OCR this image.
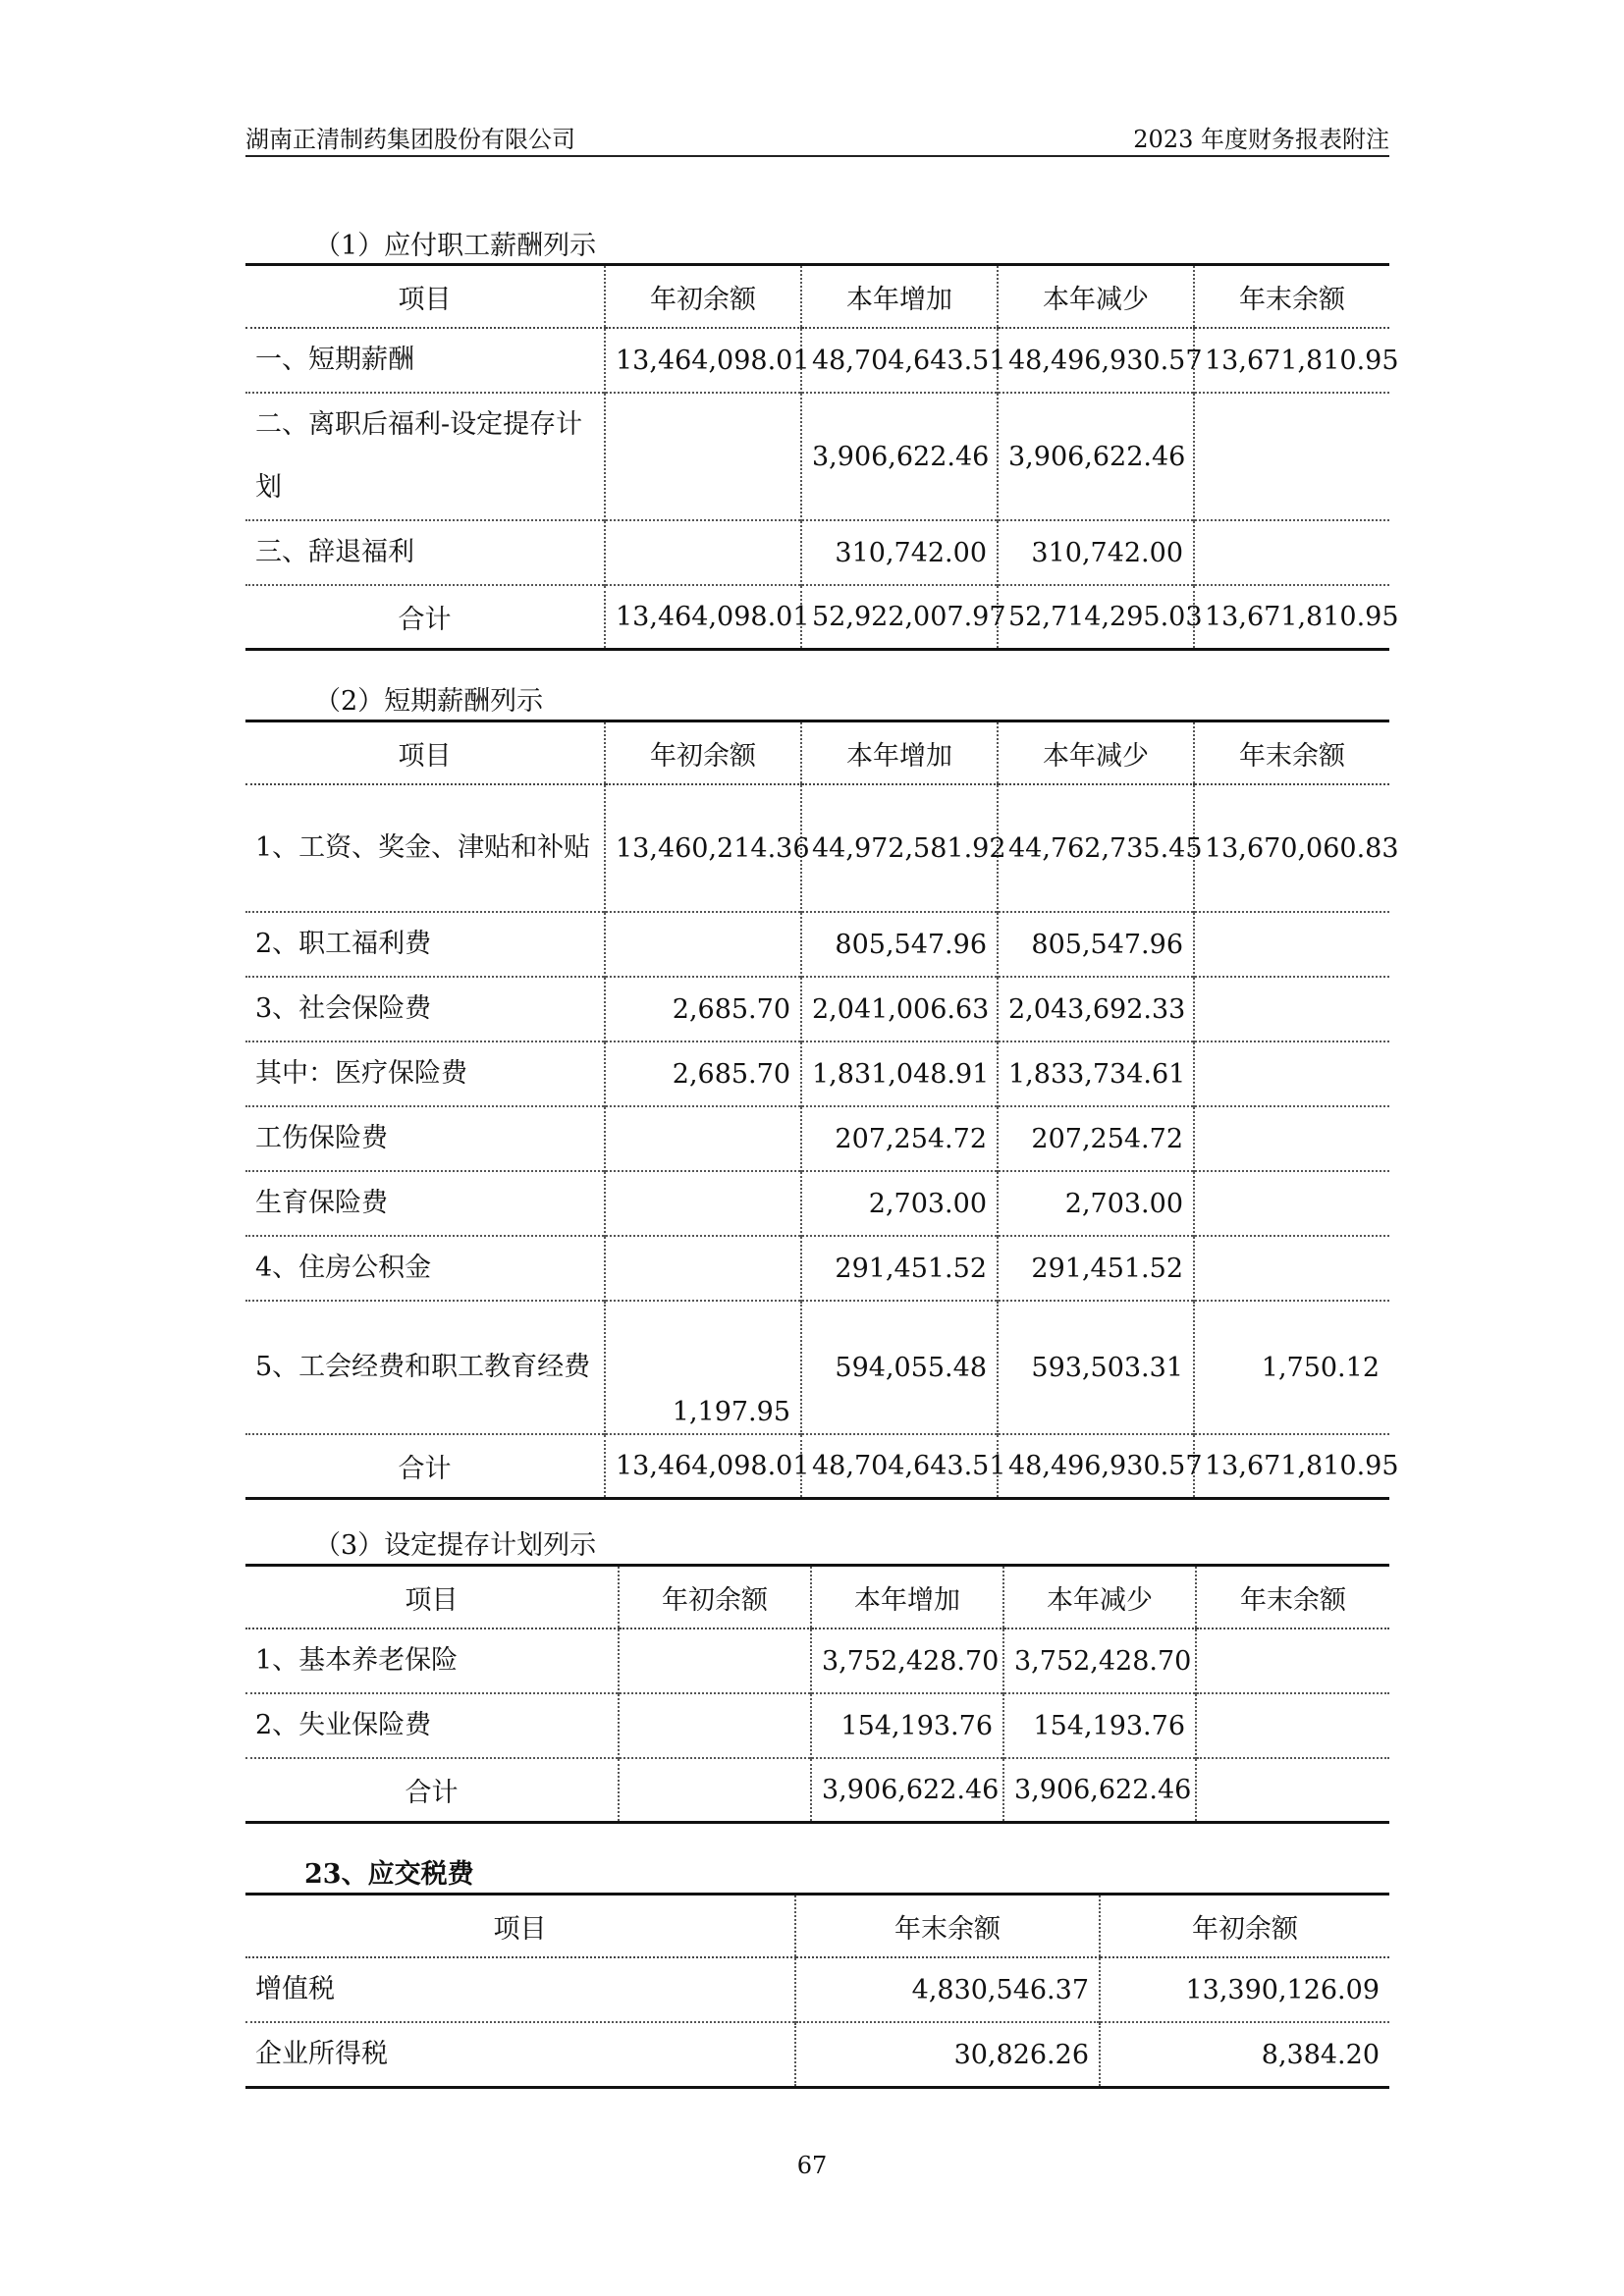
湖南正清制药集团股份有限公司	2023 年度财务报表附注
（1）应付职工薪酬列示
项目	年初余额	本年增加	本年减少	年末余额
一、短期薪酬	13,464,098.01	48,704,643.51	48,496,930.57	13,671,810.95
二、离职后福利-设定提存计划		3,906,622.46	3,906,622.46	
三、辞退福利		310,742.00	310,742.00	
合计	13,464,098.01	52,922,007.97	52,714,295.03	13,671,810.95
（2）短期薪酬列示
项目	年初余额	本年增加	本年减少	年末余额
1、工资、奖金、津贴和补贴	13,460,214.36	44,972,581.92	44,762,735.45	13,670,060.83
2、职工福利费		805,547.96	805,547.96	
3、社会保险费	2,685.70	2,041,006.63	2,043,692.33	
其中：医疗保险费	2,685.70	1,831,048.91	1,833,734.61	
工伤保险费		207,254.72	207,254.72	
生育保险费		2,703.00	2,703.00	
4、住房公积金		291,451.52	291,451.52	
5、工会经费和职工教育经费	1,197.95	594,055.48	593,503.31	1,750.12
合计	13,464,098.01	48,704,643.51	48,496,930.57	13,671,810.95
（3）设定提存计划列示
项目	年初余额	本年增加	本年减少	年末余额
1、基本养老保险		3,752,428.70	3,752,428.70	
2、失业保险费		154,193.76	154,193.76	
合计		3,906,622.46	3,906,622.46	
23、应交税费
项目	年末余额	年初余额
增值税	4,830,546.37	13,390,126.09
企业所得税	30,826.26	8,384.20
67
